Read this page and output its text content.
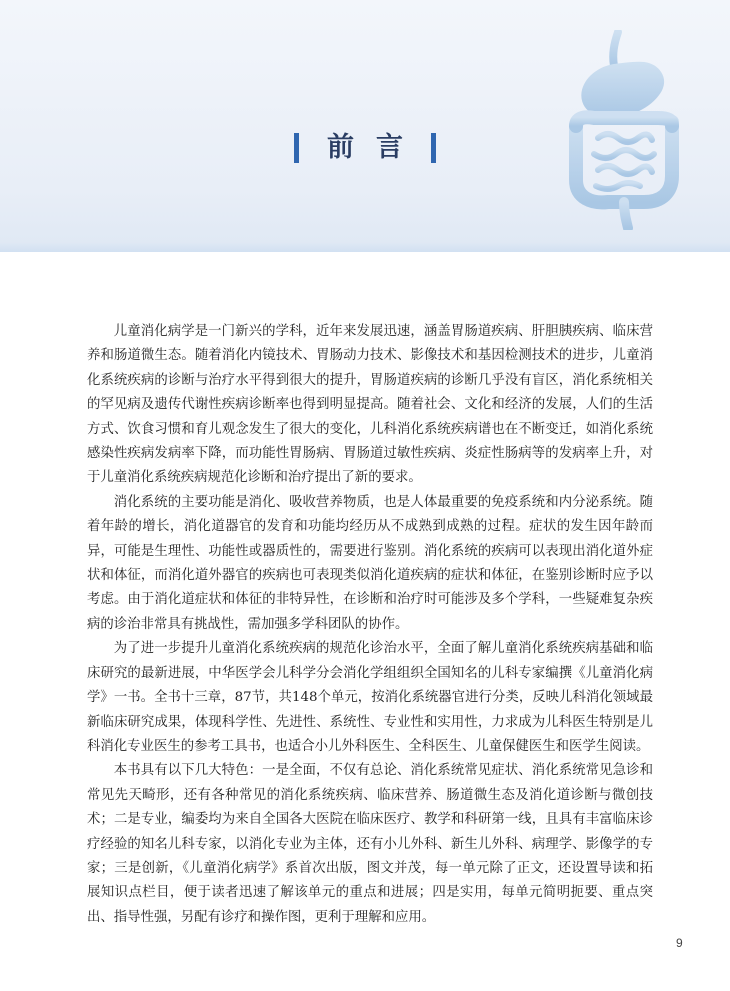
前言

儿童消化病学是一门新兴的学科，近年来发展迅速，涵盖胃肠道疾病、肝胆胰疾病、临床营养和肠道微生态。随着消化内镜技术、胃肠动力技术、影像技术和基因检测技术的进步，儿童消化系统疾病的诊断与治疗水平得到很大的提升，胃肠道疾病的诊断几乎没有盲区，消化系统相关的罕见病及遗传代谢性疾病诊断率也得到明显提高。随着社会、文化和经济的发展，人们的生活方式、饮食习惯和育儿观念发生了很大的变化，儿科消化系统疾病谱也在不断变迁，如消化系统感染性疾病发病率下降，而功能性胃肠病、胃肠道过敏性疾病、炎症性肠病等的发病率上升，对于儿童消化系统疾病规范化诊断和治疗提出了新的要求。

消化系统的主要功能是消化、吸收营养物质，也是人体最重要的免疫系统和内分泌系统。随着年龄的增长，消化道器官的发育和功能均经历从不成熟到成熟的过程。症状的发生因年龄而异，可能是生理性、功能性或器质性的，需要进行鉴别。消化系统的疾病可以表现出消化道外症状和体征，而消化道外器官的疾病也可表现类似消化道疾病的症状和体征，在鉴别诊断时应予以考虑。由于消化道症状和体征的非特异性，在诊断和治疗时可能涉及多个学科，一些疑难复杂疾病的诊治非常具有挑战性，需加强多学科团队的协作。

为了进一步提升儿童消化系统疾病的规范化诊治水平，全面了解儿童消化系统疾病基础和临床研究的最新进展，中华医学会儿科学分会消化学组组织全国知名的儿科专家编撰《儿童消化病学》一书。全书十三章，87节，共148个单元，按消化系统器官进行分类，反映儿科消化领域最新临床研究成果，体现科学性、先进性、系统性、专业性和实用性，力求成为儿科医生特别是儿科消化专业医生的参考工具书，也适合小儿外科医生、全科医生、儿童保健医生和医学生阅读。

本书具有以下几大特色：一是全面，不仅有总论、消化系统常见症状、消化系统常见急诊和常见先天畸形，还有各种常见的消化系统疾病、临床营养、肠道微生态及消化道诊断与微创技术；二是专业，编委均为来自全国各大医院在临床医疗、教学和科研第一线，且具有丰富临床诊疗经验的知名儿科专家，以消化专业为主体，还有小儿外科、新生儿外科、病理学、影像学的专家；三是创新，《儿童消化病学》系首次出版，图文并茂，每一单元除了正文，还设置导读和拓展知识点栏目，便于读者迅速了解该单元的重点和进展；四是实用，每单元简明扼要、重点突出、指导性强，另配有诊疗和操作图，更利于理解和应用。

9
